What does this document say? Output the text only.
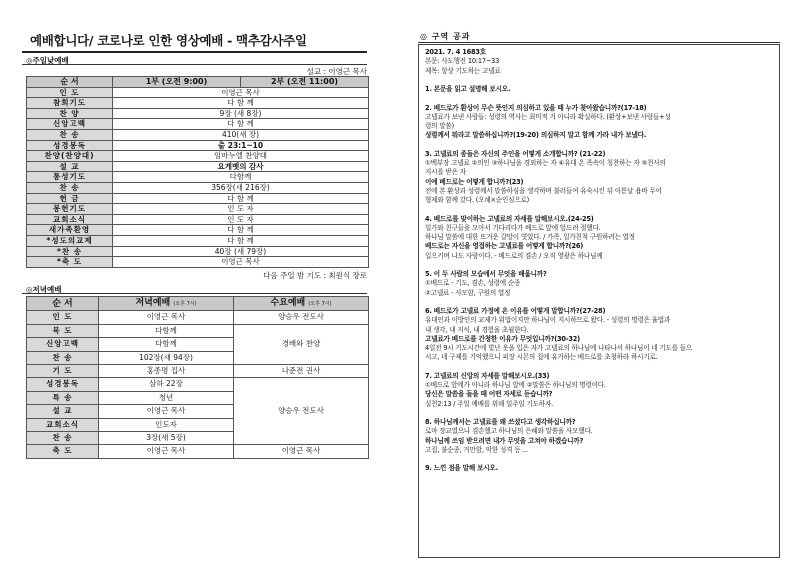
예배합니다/ 코로나로 인한 영상예배 - 맥추감사주일
◎주일낮예배
설교 : 이영근 목사
순 서	1부 (오전 9:00)	2부 (오전 11:00)
인 도	이영근 목사	
참회기도	다 함 께	
찬 양	9장 (새 8장)	
신앙고백	다 함 께	
찬 송	410(새 장)	
성경봉독	출 23:1~10	
찬양(찬양대)	임마누엘 찬양대	
설 교	요게벳의 감사	
통성기도	다함께	
찬 송	356장(새 216장)	
헌 금	다 함 께	
봉헌기도	인 도 자	
교회소식	인 도 자	
새가족환영	다 함 께	
*성도의교제	다 함 께	
*찬 송	40장 (새 79장)	
*축 도	이영근 목사	
다음 주일 밤 기도 : 최원식 장로
◎저녁예배
순 서	저녁예배 (오후 7시)	수요예배 (오후 7시)
인 도	이영근 목사	양승우 전도사
묵 도	다함께	경배와 찬양
신앙고백	다함께	
찬 송	102장(새 94장)	
기 도	홍종명 집사	나준전 권사
성경봉독	삼하 22장	양승우 전도사
특 송	청년	
설 교	이영근 목사	
교회소식	인도자	
찬 송	3장(새 5장)	
축 도	이영근 목사	이영근 목사
◎ 구역 공과
2021. 7. 4 1683호
본문: 사도행전 10:17~33
제목: 항상 기도하는 고넬료
1. 본문을 읽고 설명해 보시오.
2. 베드로가 환상이 무슨 뜻인지 의심하고 있을 때 누가 찾아왔습니까?(17-18)
고넬료가 보낸 사람들: 성령의 역사는 최미적 거 아니라 확실하다. (환상+보낸 사람들+성
령의 말씀)
성령께서 뭐라고 말씀하십니까?(19-20) 의심하지 말고 함께 가라 내가 보냈다.
3. 고넬료의 종들은 자신의 주인을 어떻게 소개합니까? (21-22)
①백부장 고넬료 ②의인 ③하나님을 경외하는 자 ④유대 온 족속이 칭찬하는 자 ⑤천사의
지시를 받은 자
이에 베드로는 어떻게 합니까?(23)
전에 본 환상과 성령께서 말씀하심을 생각하며 불러들여 유숙시킨 뒤 이튿날 욥바 두어
형제와 함께 갔다. (오해×순인심으로)
4. 베드로를 맞이하는 고넬료의 자세를 말해보시오.(24-25)
일가와 친구들을 모아서 기다리다가 베드로 앞에 엎드려 절했다.
하나님 말씀에 대한 뜨거운 갈망이 엿었다. / 가족, 일가친척 구원하려는 열정
베드로는 자신을 영접하는 고넬료를 어떻게 합니까?(26)
일으키며 나도 사람이다. - 베드로의 겸손 / 오직 영광은 하나님께
5. 이 두 사람의 모습에서 무엇을 배웁니까?
①베드로 - 기도, 겸손, 성령에 순종
②고넬료 - 사모함, 구원의 열정
6. 베드로가 고넬료 가정에 온 이유를 어떻게 말합니까?(27-28)
유대인과 이방인의 교제가 위법이지만 하나님이 지시하므로 왔다. - 성령의 명령은 율법과
내 생각, 내 지식, 내 경험을 초월한다.
고넬료가 베드로를 간청한 이유가 무엇입니까?(30-32)
4일전 9시 기도시간에 빛난 옷을 입은 자가 고넬료의 하나님에 나타나서 하나님이 네 기도를 들으
시고, 네 구제를 기억했으니 피장 시몬의 집에 유거하는 베드로를 초청하라 하시기로.
7. 고넬료의 신앙의 자세를 말해보시오.(33)
①베드로 앞에가 아니라 하나님 앞에 ②말씀은 하나님의 명령이다.
당신은 말씀을 들을 때 어떤 자세로 듣습니까?
실천2:13 / 주일 예배를 위해 일주일 기도하자.
8. 하나님께서는 고넬료를 왜 쓰셨다고 생각하십니까?
로마 장교였으나 겸손했고 하나님의 은혜와 말씀을 사모했다.
하나님께 쓰임 받으려면 내가 무엇을 고쳐야 하겠습니까?
고집, 불순종, 거만함, 악한 성격 등 ...
9. 느낀 점을 말해 보시오.
